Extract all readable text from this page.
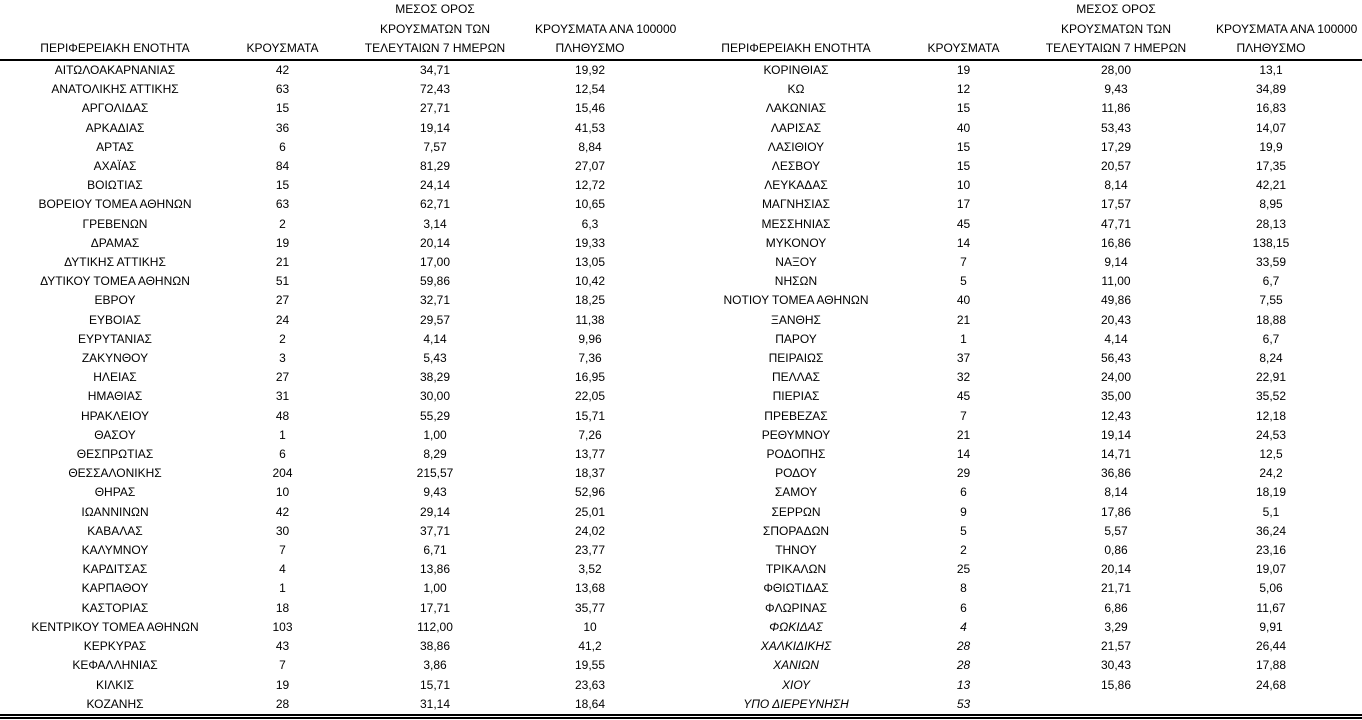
ΠΕΡΙΦΕΡΕΙΑΚΗ ΕΝΟΤΗΤΑ	ΚΡΟΥΣΜΑΤΑ

ΜΕΣΟΣ ΟΡΟΣ
ΚΡΟΥΣΜΑΤΩΝ ΤΩΝ
ΤΕΛΕΥΤΑΙΩΝ 7 ΗΜΕΡΩΝ

ΚΡΟΥΣΜΑΤΑ ΑΝΑ 100000
ΠΛΗΘΥΣΜΟ

ΑΙΤΩΛΟΑΚΑΡΝΑΝΙΑΣ	42	34,71	19,92	
ΑΝΑΤΟΛΙΚΗΣ ΑΤΤΙΚΗΣ	63	72,43	12,54	
ΑΡΓΟΛΙΔΑΣ	15	27,71	15,46	
ΑΡΚΑΔΙΑΣ	36	19,14	41,53	
ΑΡΤΑΣ	6	7,57	8,84	
ΑΧΑΪΑΣ	84	81,29	27,07	
ΒΟΙΩΤΙΑΣ	15	24,14	12,72	
ΒΟΡΕΙΟΥ ΤΟΜΕΑ ΑΘΗΝΩΝ	63	62,71	10,65	
ΓΡΕΒΕΝΩΝ	2	3,14	6,3	
ΔΡΑΜΑΣ	19	20,14	19,33	
ΔΥΤΙΚΗΣ ΑΤΤΙΚΗΣ	21	17,00	13,05	
ΔΥΤΙΚΟΥ ΤΟΜΕΑ ΑΘΗΝΩΝ	51	59,86	10,42	
ΕΒΡΟΥ	27	32,71	18,25	
ΕΥΒΟΙΑΣ	24	29,57	11,38	
ΕΥΡΥΤΑΝΙΑΣ	2	4,14	9,96	
ΖΑΚΥΝΘΟΥ	3	5,43	7,36	
ΗΛΕΙΑΣ	27	38,29	16,95	
ΗΜΑΘΙΑΣ	31	30,00	22,05	
ΗΡΑΚΛΕΙΟΥ	48	55,29	15,71	
ΘΑΣΟΥ	1	1,00	7,26	
ΘΕΣΠΡΩΤΙΑΣ	6	8,29	13,77	
ΘΕΣΣΑΛΟΝΙΚΗΣ	204	215,57	18,37	
ΘΗΡΑΣ	10	9,43	52,96	
ΙΩΑΝΝΙΝΩΝ	42	29,14	25,01	
ΚΑΒΑΛΑΣ	30	37,71	24,02	
ΚΑΛΥΜΝΟΥ	7	6,71	23,77	
ΚΑΡΔΙΤΣΑΣ	4	13,86	3,52	
ΚΑΡΠΑΘΟΥ	1	1,00	13,68	
ΚΑΣΤΟΡΙΑΣ	18	17,71	35,77	
ΚΕΝΤΡΙΚΟΥ ΤΟΜΕΑ ΑΘΗΝΩΝ	103	112,00	10	
ΚΕΡΚΥΡΑΣ	43	38,86	41,2	
ΚΕΦΑΛΛΗΝΙΑΣ	7	3,86	19,55	
ΚΙΛΚΙΣ	19	15,71	23,63	
ΚΟΖΑΝΗΣ	28	31,14	18,64	
ΠΕΡΙΦΕΡΕΙΑΚΗ ΕΝΟΤΗΤΑ	ΚΡΟΥΣΜΑΤΑ

ΜΕΣΟΣ ΟΡΟΣ
ΚΡΟΥΣΜΑΤΩΝ ΤΩΝ
ΤΕΛΕΥΤΑΙΩΝ 7 ΗΜΕΡΩΝ

ΚΡΟΥΣΜΑΤΑ ΑΝΑ 100000
ΠΛΗΘΥΣΜΟ

ΚΟΡΙΝΘΙΑΣ	19	28,00	13,1	
ΚΩ	12	9,43	34,89	
ΛΑΚΩΝΙΑΣ	15	11,86	16,83	
ΛΑΡΙΣΑΣ	40	53,43	14,07	
ΛΑΣΙΘΙΟΥ	15	17,29	19,9	
ΛΕΣΒΟΥ	15	20,57	17,35	
ΛΕΥΚΑΔΑΣ	10	8,14	42,21	
ΜΑΓΝΗΣΙΑΣ	17	17,57	8,95	
ΜΕΣΣΗΝΙΑΣ	45	47,71	28,13	
ΜΥΚΟΝΟΥ	14	16,86	138,15	
ΝΑΞΟΥ	7	9,14	33,59	
ΝΗΣΩΝ	5	11,00	6,7	
ΝΟΤΙΟΥ ΤΟΜΕΑ ΑΘΗΝΩΝ	40	49,86	7,55	
ΞΑΝΘΗΣ	21	20,43	18,88	
ΠΑΡΟΥ	1	4,14	6,7	
ΠΕΙΡΑΙΩΣ	37	56,43	8,24	
ΠΕΛΛΑΣ	32	24,00	22,91	
ΠΙΕΡΙΑΣ	45	35,00	35,52	
ΠΡΕΒΕΖΑΣ	7	12,43	12,18	
ΡΕΘΥΜΝΟΥ	21	19,14	24,53	
ΡΟΔΟΠΗΣ	14	14,71	12,5	
ΡΟΔΟΥ	29	36,86	24,2	
ΣΑΜΟΥ	6	8,14	18,19	
ΣΕΡΡΩΝ	9	17,86	5,1	
ΣΠΟΡΑΔΩΝ	5	5,57	36,24	
ΤΗΝΟΥ	2	0,86	23,16	
ΤΡΙΚΑΛΩΝ	25	20,14	19,07	
ΦΘΙΩΤΙΔΑΣ	8	21,71	5,06	
ΦΛΩΡΙΝΑΣ	6	6,86	11,67	
ΦΩΚΙΔΑΣ	4	3,29	9,91	
ΧΑΛΚΙΔΙΚΗΣ	28	21,57	26,44	
ΧΑΝΙΩΝ	28	30,43	17,88	
ΧΙΟΥ	13	15,86	24,68	
ΥΠΟ ΔΙΕΡΕΥΝΗΣΗ	53			
